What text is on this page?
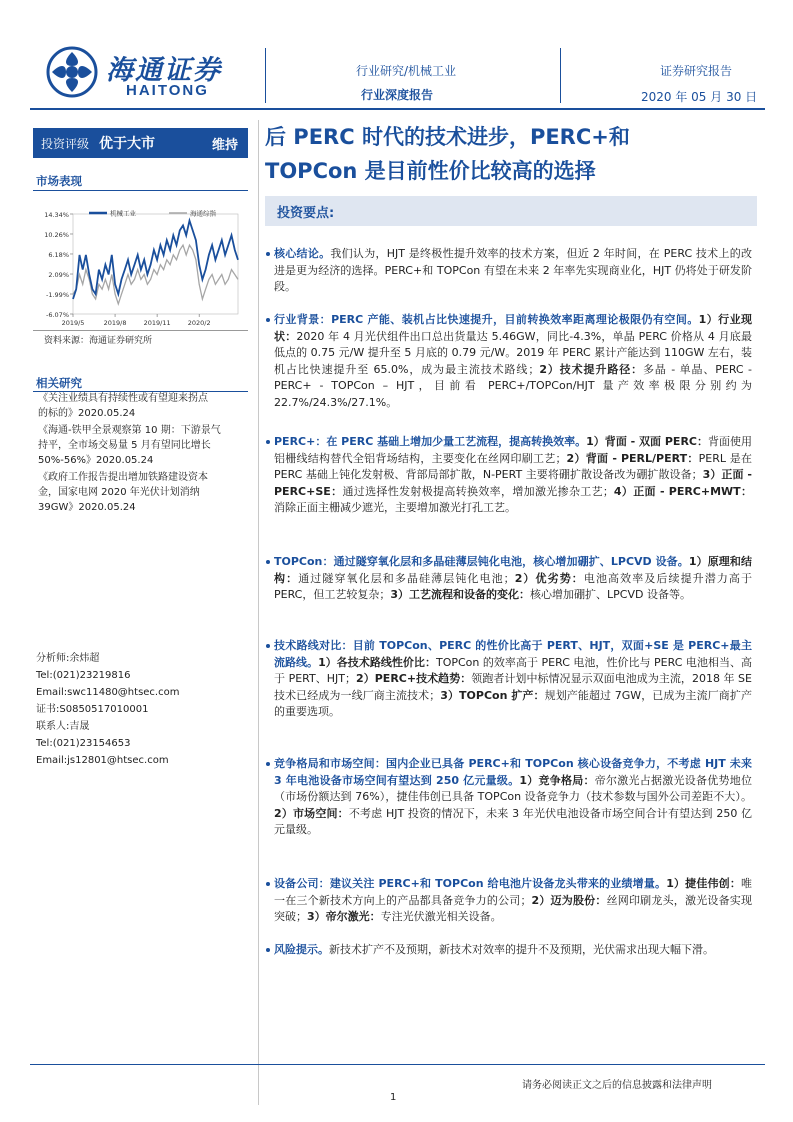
海通证券
HAITONG
行业研究/机械工业
行业深度报告
证券研究报告
2020 年 05 月 30 日
投资评级 优于大市	维持 后 PERC 时代的技术进步，PERC+和
TOPCon 是目前性价比较高的选择
市场表现
14.34%
10.26%
6.18%
2.09%
-1.99%
-6.07%
2019/5	2019/8	2019/11	2020/2
机械工业	海通综指
资料来源：海通证券研究所
相关研究
《关注业绩具有持续性或有望迎来拐点
的标的》2020.05.24
《海通-铁甲全景观察第 10 期：下游景气
持平，全市场交易量 5 月有望同比增长
50%-56%》2020.05.24
《政府工作报告提出增加铁路建设资本
金，国家电网 2020 年光伏计划消纳
39GW》2020.05.24
分析师:余炜超
Tel:(021)23219816
Email:swc11480@htsec.com
证书:S0850517010001
联系人:吉晟
Tel:(021)23154653
Email:js12801@htsec.com
投资要点:
核心结论。我们认为，HJT 是终极性提升效率的技术方案，但近 2 年时间，在 PERC 技术上的改进是更为经济的选择。PERC+和 TOPCon 有望在未来 2 年率先实现商业化，HJT 仍将处于研发阶段。
行业背景：PERC 产能、装机占比快速提升，目前转换效率距离理论极限仍有空间。1）行业现状：2020 年 4 月光伏组件出口总出货量达 5.46GW，同比-4.3%，单晶 PERC 价格从 4 月底最低点的 0.75 元/W 提升至 5 月底的 0.79 元/W。2019 年 PERC 累计产能达到 110GW 左右，装机占比快速提升至 65.0%，成为最主流技术路线；2）技术提升路径：多晶 - 单晶、PERC - PERC+ - TOPCon – HJT，目前看 PERC+/TOPCon/HJT 量产效率极限分别约为 22.7%/24.3%/27.1%。
PERC+：在 PERC 基础上增加少量工艺流程，提高转换效率。1）背面 - 双面 PERC：背面使用铝栅线结构替代全铝背场结构，主要变化在丝网印刷工艺；2）背面 - PERL/PERT：PERL 是在 PERC 基础上钝化发射极、背部局部扩散，N-PERT 主要将硼扩散设备改为硼扩散设备；3）正面 - PERC+SE：通过选择性发射极提高转换效率，增加激光掺杂工艺；4）正面 - PERC+MWT：消除正面主栅减少遮光，主要增加激光打孔工艺。
TOPCon：通过隧穿氧化层和多晶硅薄层钝化电池，核心增加硼扩、LPCVD 设备。1）原理和结构：通过隧穿氧化层和多晶硅薄层钝化电池；2）优劣势：电池高效率及后续提升潜力高于 PERC，但工艺较复杂；3）工艺流程和设备的变化：核心增加硼扩、LPCVD 设备等。
技术路线对比：目前 TOPCon、PERC 的性价比高于 PERT、HJT，双面+SE 是 PERC+最主流路线。1）各技术路线性价比：TOPCon 的效率高于 PERC 电池，性价比与 PERC 电池相当、高于 PERT、HJT；2）PERC+技术趋势：领跑者计划中标情况显示双面电池成为主流，2018 年 SE 技术已经成为一线厂商主流技术；3）TOPCon 扩产：规划产能超过 7GW，已成为主流厂商扩产的重要选项。
竞争格局和市场空间：国内企业已具备 PERC+和 TOPCon 核心设备竞争力，不考虑 HJT 未来 3 年电池设备市场空间有望达到 250 亿元量级。1）竞争格局：帝尔激光占据激光设备优势地位（市场份额达到 76%），捷佳伟创已具备 TOPCon 设备竞争力（技术参数与国外公司差距不大）。2）市场空间：不考虑 HJT 投资的情况下，未来 3 年光伏电池设备市场空间合计有望达到 250 亿元量级。
设备公司：建议关注 PERC+和 TOPCon 给电池片设备龙头带来的业绩增量。1）捷佳伟创：唯一在三个新技术方向上的产品都具备竞争力的公司；2）迈为股份：丝网印刷龙头，激光设备实现突破；3）帝尔激光：专注光伏激光相关设备。
风险提示。新技术扩产不及预期，新技术对效率的提升不及预期，光伏需求出现大幅下滑。
请务必阅读正文之后的信息披露和法律声明
1
